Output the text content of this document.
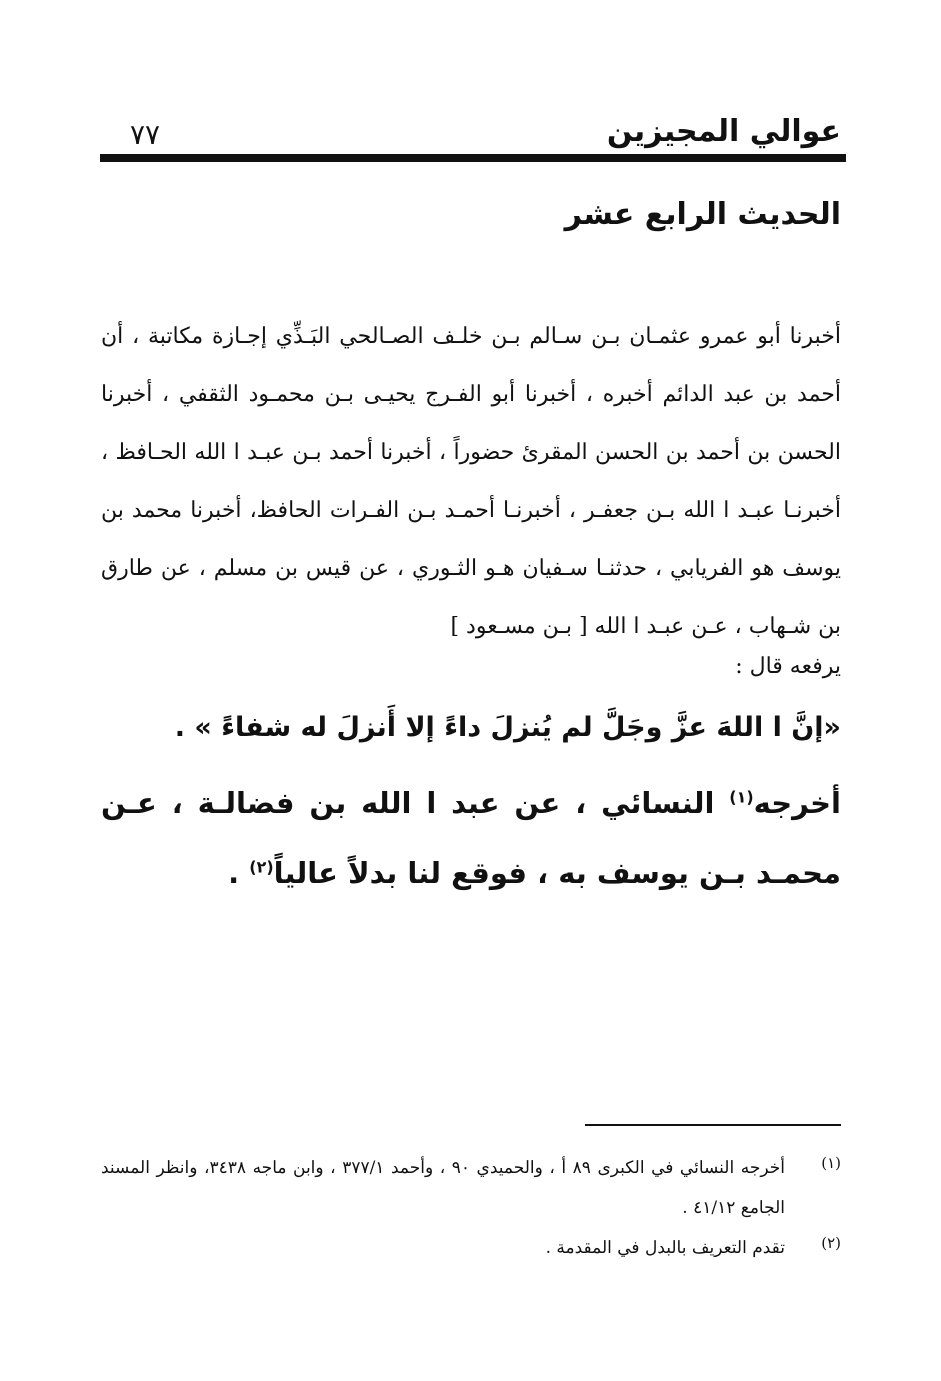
عوالي المجيزين
٧٧
الحديث الرابع عشر

أخبرنا أبو عمرو عثمـان بـن سـالم بـن خلـف الصـالحي البَـذِّي إجـازة مكاتبة ، أن أحمد بن عبد الدائم أخبره ، أخبرنا أبو الفـرج يحيـى بـن محمـود الثقفي ، أخبرنا الحسن بن أحمد بن الحسن المقرئ حضوراً ، أخبرنا أحمد بـن عبـد ا الله الحـافظ ، أخبرنـا عبـد ا الله بـن جعفـر ، أخبرنـا أحمـد بـن الفـرات الحافظ، أخبرنا محمد بن يوسف هو الفريابي ، حدثنـا سـفيان هـو الثـوري ، عن قيس بن مسلم ، عن طارق بن شـهاب ، عـن عبـد ا الله [ بـن مسـعود ]

يرفعه قال :

«إنَّ ا اللهَ عزَّ وجَلَّ لم يُنزلَ داءً إلا أَنزلَ له شفاءً » .

أخرجه$^{(١)}$ النسائي ، عن عبد ا الله بن فضالـة ، عـن محمـد بـن يوسف به ، فوقع لنا بدلاً عالياً$^{(٢)}$ .

(١)
أخرجه النسائي في الكبرى ٨٩ أ ، والحميدي ٩٠ ، وأحمد ٣٧٧/١ ، وابن ماجه ٣٤٣٨، وانظر المسند الجامع ٤١/١٢ .
(٢)
تقدم التعريف بالبدل في المقدمة .
